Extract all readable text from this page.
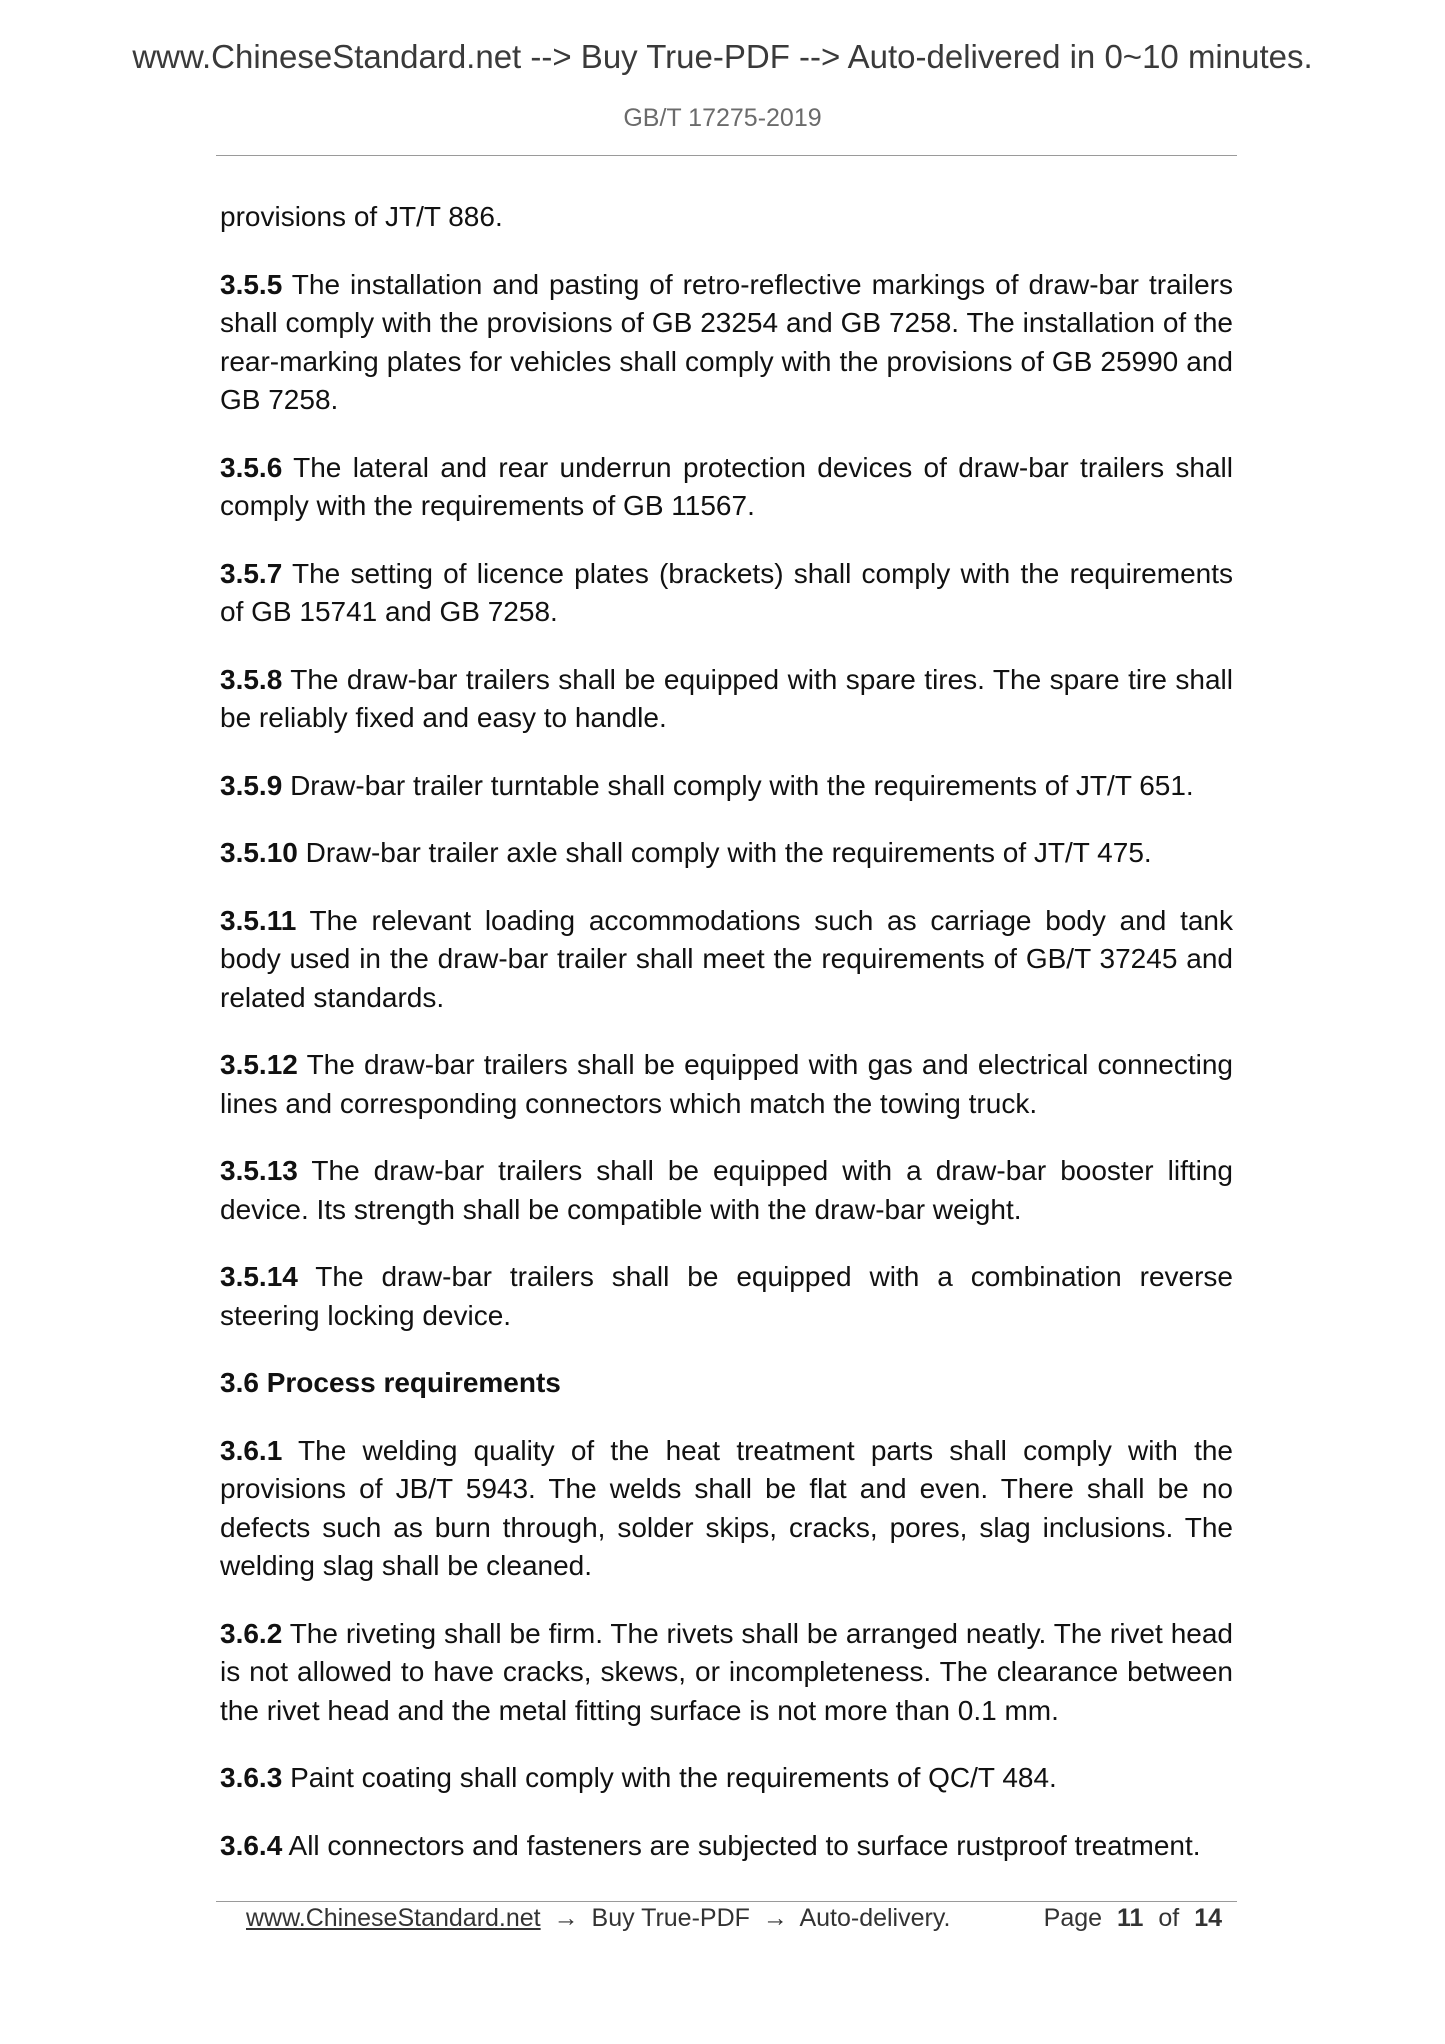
www.ChineseStandard.net --> Buy True-PDF --> Auto-delivered in 0~10 minutes.
GB/T 17275-2019

provisions of JT/T 886.

3.5.5 The installation and pasting of retro-reflective markings of draw-bar trailers shall comply with the provisions of GB 23254 and GB 7258. The installation of the rear-marking plates for vehicles shall comply with the provisions of GB 25990 and GB 7258.

3.5.6 The lateral and rear underrun protection devices of draw-bar trailers shall comply with the requirements of GB 11567.

3.5.7 The setting of licence plates (brackets) shall comply with the requirements of GB 15741 and GB 7258.

3.5.8 The draw-bar trailers shall be equipped with spare tires. The spare tire shall be reliably fixed and easy to handle.

3.5.9 Draw-bar trailer turntable shall comply with the requirements of JT/T 651.

3.5.10 Draw-bar trailer axle shall comply with the requirements of JT/T 475.

3.5.11 The relevant loading accommodations such as carriage body and tank body used in the draw-bar trailer shall meet the requirements of GB/T 37245 and related standards.

3.5.12 The draw-bar trailers shall be equipped with gas and electrical connecting lines and corresponding connectors which match the towing truck.

3.5.13 The draw-bar trailers shall be equipped with a draw-bar booster lifting device. Its strength shall be compatible with the draw-bar weight.

3.5.14 The draw-bar trailers shall be equipped with a combination reverse steering locking device.

3.6 Process requirements

3.6.1 The welding quality of the heat treatment parts shall comply with the provisions of JB/T 5943. The welds shall be flat and even. There shall be no defects such as burn through, solder skips, cracks, pores, slag inclusions. The welding slag shall be cleaned.

3.6.2 The riveting shall be firm. The rivets shall be arranged neatly. The rivet head is not allowed to have cracks, skews, or incompleteness. The clearance between the rivet head and the metal fitting surface is not more than 0.1 mm.

3.6.3 Paint coating shall comply with the requirements of QC/T 484.

3.6.4 All connectors and fasteners are subjected to surface rustproof treatment.

www.ChineseStandard.net → Buy True-PDF → Auto-delivery.	Page 11 of 14
